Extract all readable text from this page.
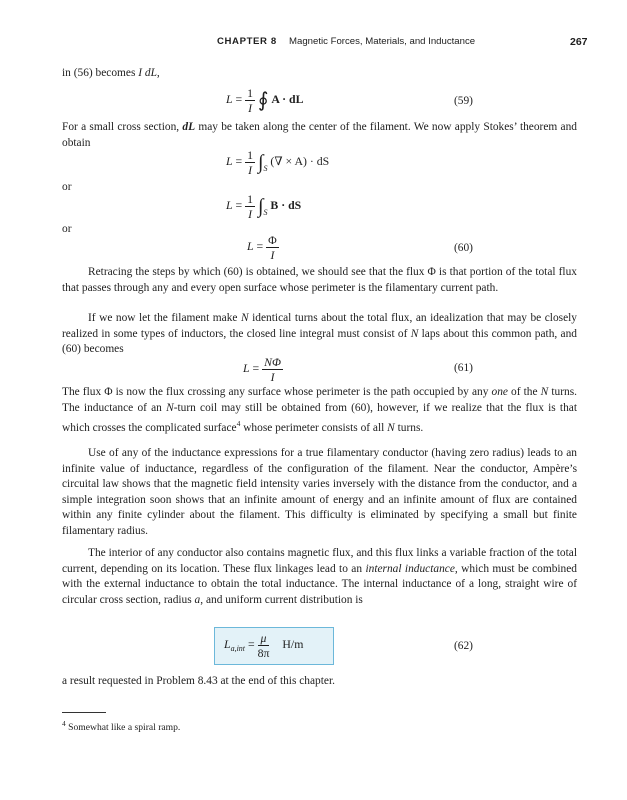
CHAPTER 8 Magnetic Forces, Materials, and Inductance	267
in (56) becomes I dL,
$L = \frac{1}{I}$ ∮ A · dL	(59)
For a small cross section, dL may be taken along the center of the filament. We now apply Stokes’ theorem and obtain
$L = \frac{1}{I} \int_S$ (∇ × A) · dS
or
$L = \frac{1}{I} \int_S$ B · dS
or
$L = \frac{\Phi}{I}$	(60)
Retracing the steps by which (60) is obtained, we should see that the flux Φ is that portion of the total flux that passes through any and every open surface whose perimeter is the filamentary current path.
If we now let the filament make N identical turns about the total flux, an idealization that may be closely realized in some types of inductors, the closed line integral must consist of N laps about this common path, and (60) becomes
$L = \frac{N\Phi}{I}$	(61)
The flux Φ is now the flux crossing any surface whose perimeter is the path occupied by any one of the N turns. The inductance of an N-turn coil may still be obtained from (60), however, if we realize that the flux is that which crosses the complicated surface$^4$ whose perimeter consists of all N turns.
Use of any of the inductance expressions for a true filamentary conductor (having zero radius) leads to an infinite value of inductance, regardless of the configuration of the filament. Near the conductor, Ampère’s circuital law shows that the magnetic field intensity varies inversely with the distance from the conductor, and a simple integration soon shows that an infinite amount of energy and an infinite amount of flux are contained within any finite cylinder about the filament. This difficulty is eliminated by specifying a small but finite filamentary radius.
The interior of any conductor also contains magnetic flux, and this flux links a variable fraction of the total current, depending on its location. These flux linkages lead to an internal inductance, which must be combined with the external inductance to obtain the total inductance. The internal inductance of a long, straight wire of circular cross section, radius a, and uniform current distribution is
$L_{a,int} = \frac{\mu}{8\pi} H/m$	(62)
a result requested in Problem 8.43 at the end of this chapter.
$^4$ Somewhat like a spiral ramp.
